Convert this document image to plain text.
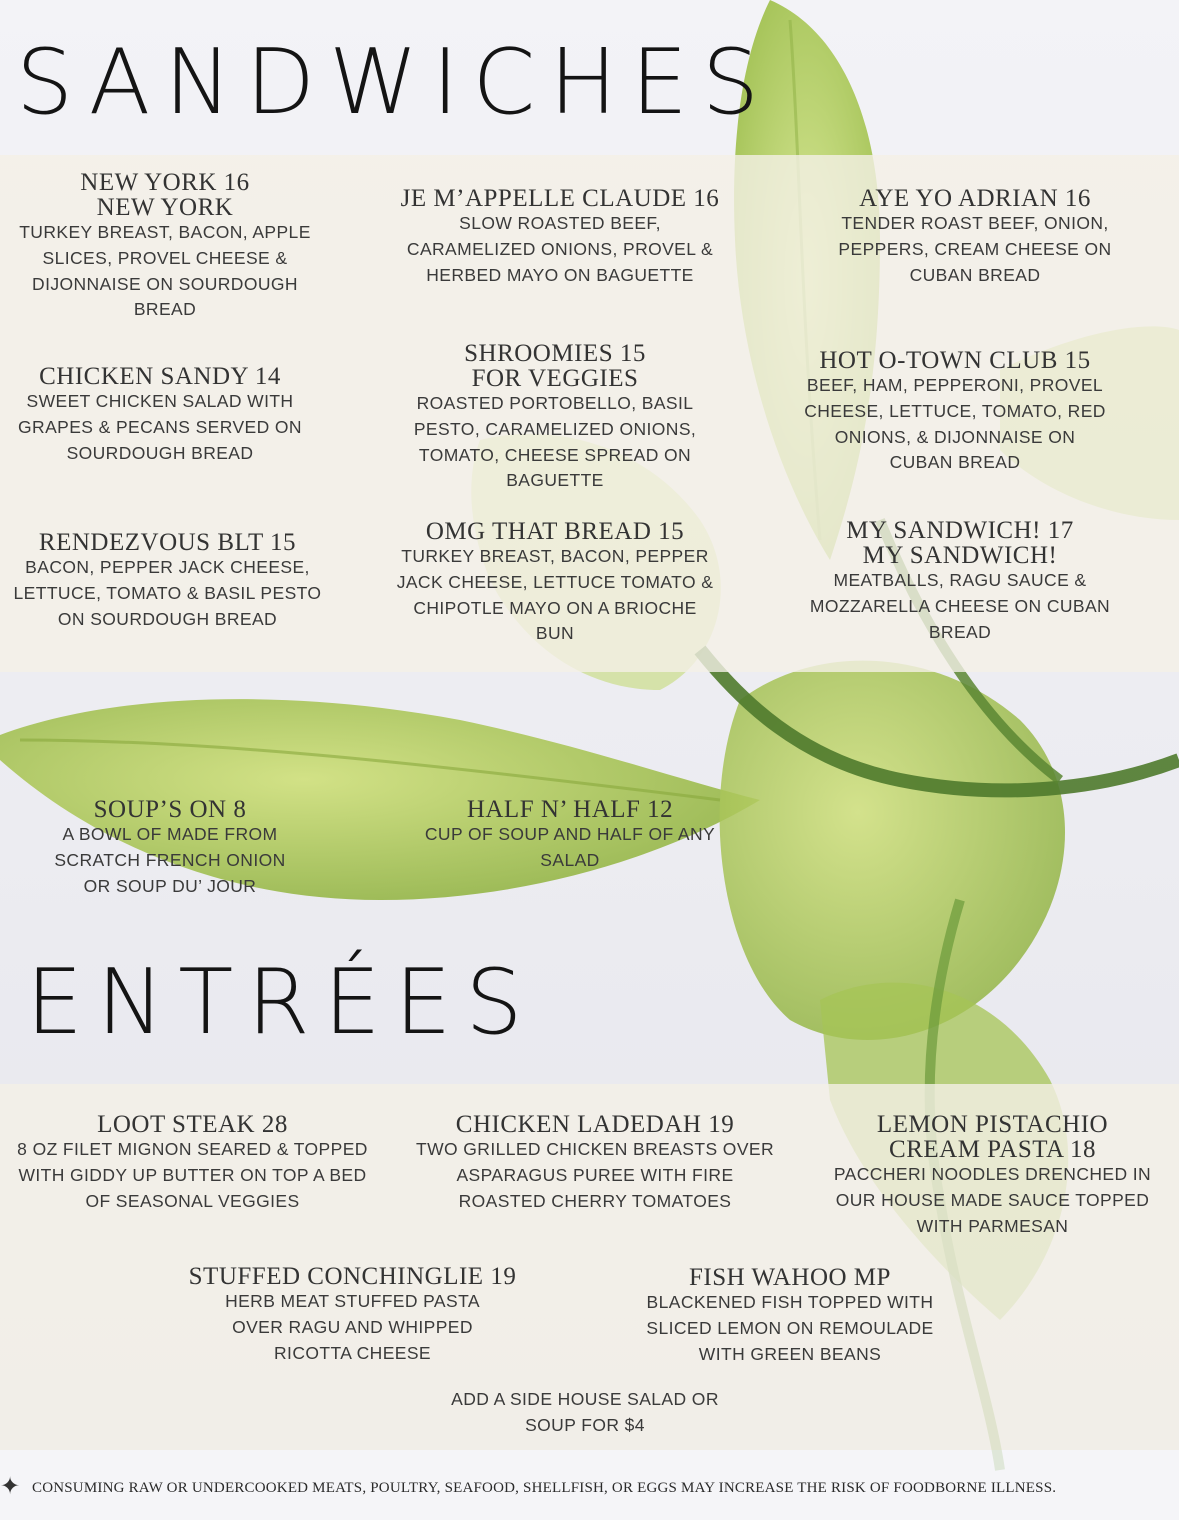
SANDWICHES
ENTRÉES
NEW YORK 16
NEW YORK
TURKEY BREAST, BACON, APPLE
SLICES, PROVEL CHEESE &
DIJONNAISE ON SOURDOUGH
BREAD
JE M’APPELLE CLAUDE 16
SLOW ROASTED BEEF,
CARAMELIZED ONIONS, PROVEL &
HERBED MAYO ON BAGUETTE
AYE YO ADRIAN 16
TENDER ROAST BEEF, ONION,
PEPPERS, CREAM CHEESE ON
CUBAN BREAD
CHICKEN SANDY 14
SWEET CHICKEN SALAD WITH
GRAPES & PECANS SERVED ON
SOURDOUGH BREAD
SHROOMIES 15
FOR VEGGIES
ROASTED PORTOBELLO, BASIL
PESTO, CARAMELIZED ONIONS,
TOMATO, CHEESE SPREAD ON
BAGUETTE
HOT O-TOWN CLUB 15
BEEF, HAM, PEPPERONI, PROVEL
CHEESE, LETTUCE, TOMATO, RED
ONIONS, & DIJONNAISE ON
CUBAN BREAD
RENDEZVOUS BLT 15
BACON, PEPPER JACK CHEESE,
LETTUCE, TOMATO & BASIL PESTO
ON SOURDOUGH BREAD
OMG THAT BREAD 15
TURKEY BREAST, BACON, PEPPER
JACK CHEESE, LETTUCE TOMATO &
CHIPOTLE MAYO ON A BRIOCHE
BUN
MY SANDWICH! 17
MY SANDWICH!
MEATBALLS, RAGU SAUCE &
MOZZARELLA CHEESE ON CUBAN
BREAD
SOUP’S ON 8
A BOWL OF MADE FROM
SCRATCH FRENCH ONION
OR SOUP DU’ JOUR
HALF N’ HALF 12
CUP OF SOUP AND HALF OF ANY
SALAD
LOOT STEAK 28
8 OZ FILET MIGNON SEARED & TOPPED
WITH GIDDY UP BUTTER ON TOP A BED
OF SEASONAL VEGGIES
CHICKEN LADEDAH 19
TWO GRILLED CHICKEN BREASTS OVER
ASPARAGUS PUREE WITH FIRE
ROASTED CHERRY TOMATOES
LEMON PISTACHIO
CREAM PASTA 18
PACCHERI NOODLES DRENCHED IN
OUR HOUSE MADE SAUCE TOPPED
WITH PARMESAN
STUFFED CONCHINGLIE 19
HERB MEAT STUFFED PASTA
OVER RAGU AND WHIPPED
RICOTTA CHEESE
FISH WAHOO MP
BLACKENED FISH TOPPED WITH
SLICED LEMON ON REMOULADE
WITH GREEN BEANS
ADD A SIDE HOUSE SALAD OR
SOUP FOR $4
✦ CONSUMING RAW OR UNDERCOOKED MEATS, POULTRY, SEAFOOD, SHELLFISH, OR EGGS MAY INCREASE THE RISK OF FOODBORNE ILLNESS.
